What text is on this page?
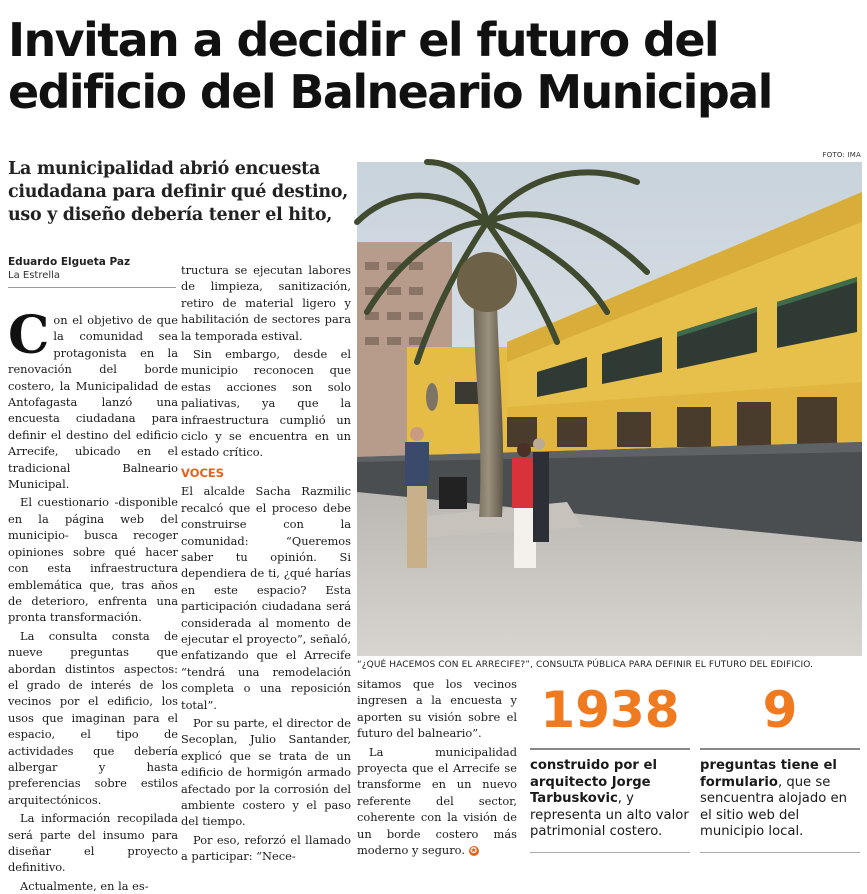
Invitan a decidir el futuro del
edificio del Balneario Municipal
La municipalidad abrió encuesta
ciudadana para definir qué destino,
uso y diseño debería tener el hito,
Eduardo Elgueta Paz
La Estrella

Con el objetivo de que la comunidad sea protagonista en la renovación del borde costero, la Municipalidad de Antofagasta lanzó una encuesta ciudadana para definir el destino del edificio Arrecife, ubicado en el tradicional Balneario Municipal.

El cuestionario -disponible en la página web del municipio- busca recoger opiniones sobre qué hacer con esta infraestructura emblemática que, tras años de deterioro, enfrenta una pronta transformación.

La consulta consta de nueve preguntas que abordan distintos aspectos: el grado de interés de los vecinos por el edificio, los usos que imaginan para el espacio, el tipo de actividades que debería albergar y hasta preferencias sobre estilos arquitectónicos.

La información recopilada será parte del insumo para diseñar el proyecto definitivo.

Actualmente, en la es-

tructura se ejecutan labores de limpieza, sanitización, retiro de material ligero y habilitación de sectores para la temporada estival.

Sin embargo, desde el municipio reconocen que estas acciones son solo paliativas, ya que la infraestructura cumplió un ciclo y se encuentra en un estado crítico.

VOCES

El alcalde Sacha Razmilic recalcó que el proceso debe construirse con la comunidad: “Queremos saber tu opinión. Si dependiera de ti, ¿qué harías en este espacio? Esta participación ciudadana será considerada al momento de ejecutar el proyecto”, señaló, enfatizando que el Arrecife “tendrá una remodelación completa o una reposición total”.

Por su parte, el director de Secoplan, Julio Santander, explicó que se trata de un edificio de hormigón armado afectado por la corrosión del ambiente costero y el paso del tiempo.

Por eso, reforzó el llamado a participar: “Nece-

sitamos que los vecinos ingresen a la encuesta y aporten su visión sobre el futuro del balneario”.

La municipalidad proyecta que el Arrecife se transforme en un nuevo referente del sector, coherente con la visión de un borde costero más moderno y seguro. ✪

FOTO: IMA
“¿QUÉ HACEMOS CON EL ARRECIFE?”, CONSULTA PÚBLICA PARA DEFINIR EL FUTURO DEL EDIFICIO.
1938
construido por el arquitecto Jorge Tarbuskovic, y representa un alto valor patrimonial costero.
9
preguntas tiene el formulario, que se sencuentra alojado en el sitio web del municipio local.
